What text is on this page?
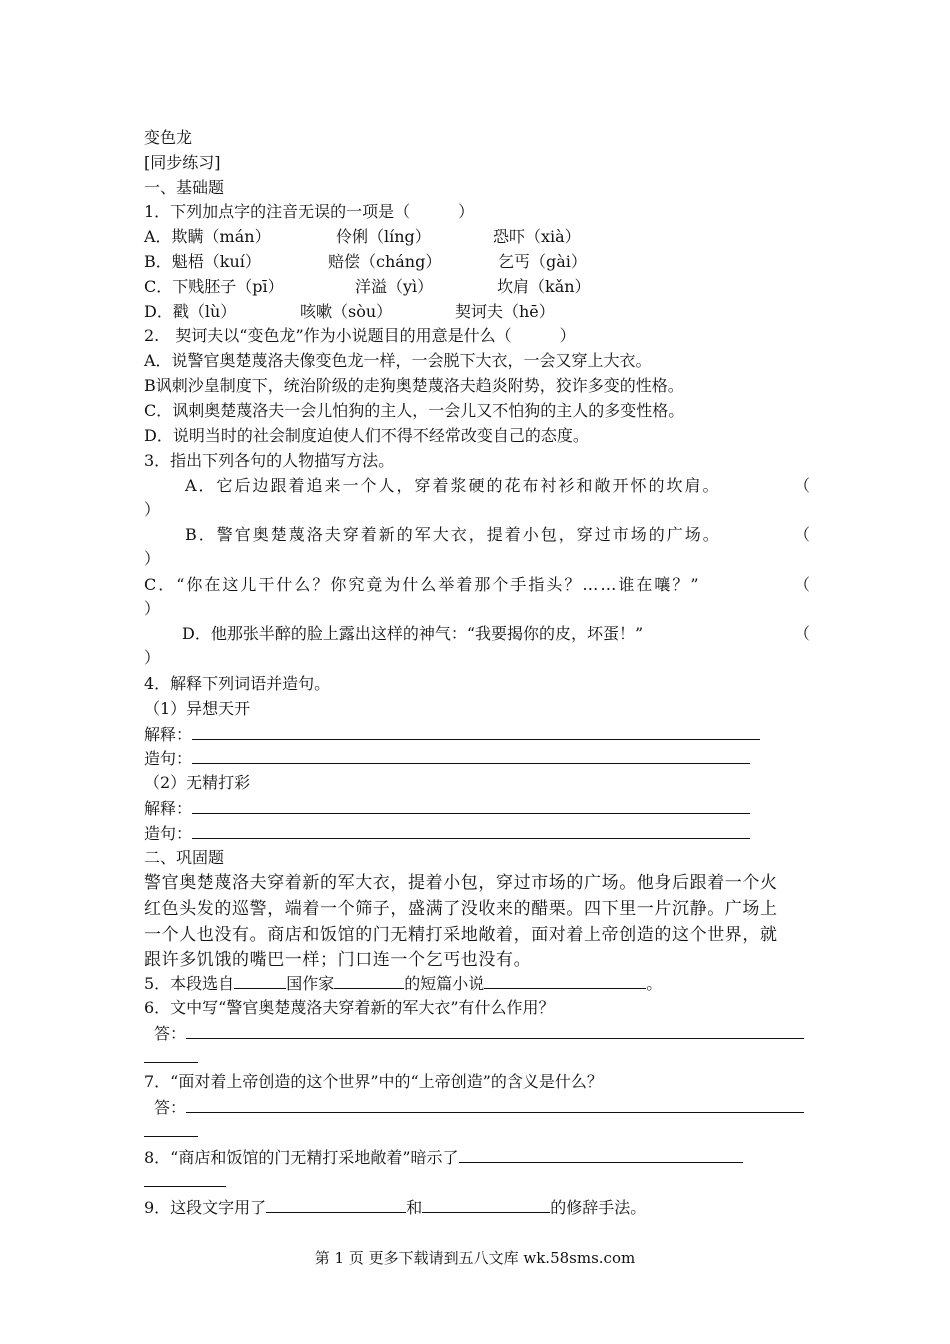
变色龙
[同步练习]
一、基础题
1．下列加点字的注音无误的一项是（　　　）
A．欺瞒（mán）	伶俐（líng）	恐吓（xià）
B．魁梧（kuí）	赔偿（cháng）	乞丐（gài）
C．下贱胚子（pī）	洋溢（yì）	坎肩（kǎn）
D．戳（lù）	咳嗽（sòu）	契诃夫（hē）
2.　契诃夫以“变色龙”作为小说题目的用意是什么（　　　）
A．说警官奥楚蔑洛夫像变色龙一样，一会脱下大衣，一会又穿上大衣。
B讽刺沙皇制度下，统治阶级的走狗奥楚蔑洛夫趋炎附势，狡诈多变的性格。
C．讽刺奥楚蔑洛夫一会儿怕狗的主人，一会儿又不怕狗的主人的多变性格。
D．说明当时的社会制度迫使人们不得不经常改变自己的态度。
3．指出下列各句的人物描写方法。
A．它后边跟着追来一个人，穿着浆硬的花布衬衫和敞开怀的坎肩。	（
）
B．警官奥楚蔑洛夫穿着新的军大衣，提着小包，穿过市场的广场。	（
）
C．“你在这儿干什么？你究竟为什么举着那个手指头？……谁在嚷？”	（
）
D．他那张半醉的脸上露出这样的神气：“我要揭你的皮，坏蛋！”	（
）
4．解释下列词语并造句。
（1）异想天开
解释：
造句：
（2）无精打彩
解释：
造句：
二、巩固题
警官奥楚蔑洛夫穿着新的军大衣，提着小包，穿过市场的广场。他身后跟着一个火
红色头发的巡警，端着一个筛子，盛满了没收来的醋栗。四下里一片沉静。广场上
一个人也没有。商店和饭馆的门无精打采地敞着，面对着上帝创造的这个世界，就
跟许多饥饿的嘴巴一样；门口连一个乞丐也没有。
5．本段选自	国作家	的短篇小说	。
6．文中写“警官奥楚蔑洛夫穿着新的军大衣”有什么作用？
答：
7．“面对着上帝创造的这个世界”中的“上帝创造”的含义是什么？
答：
8．“商店和饭馆的门无精打采地敞着”暗示了
9．这段文字用了	和	的修辞手法。
第 1 页 更多下载请到五八文库 wk.58sms.com
